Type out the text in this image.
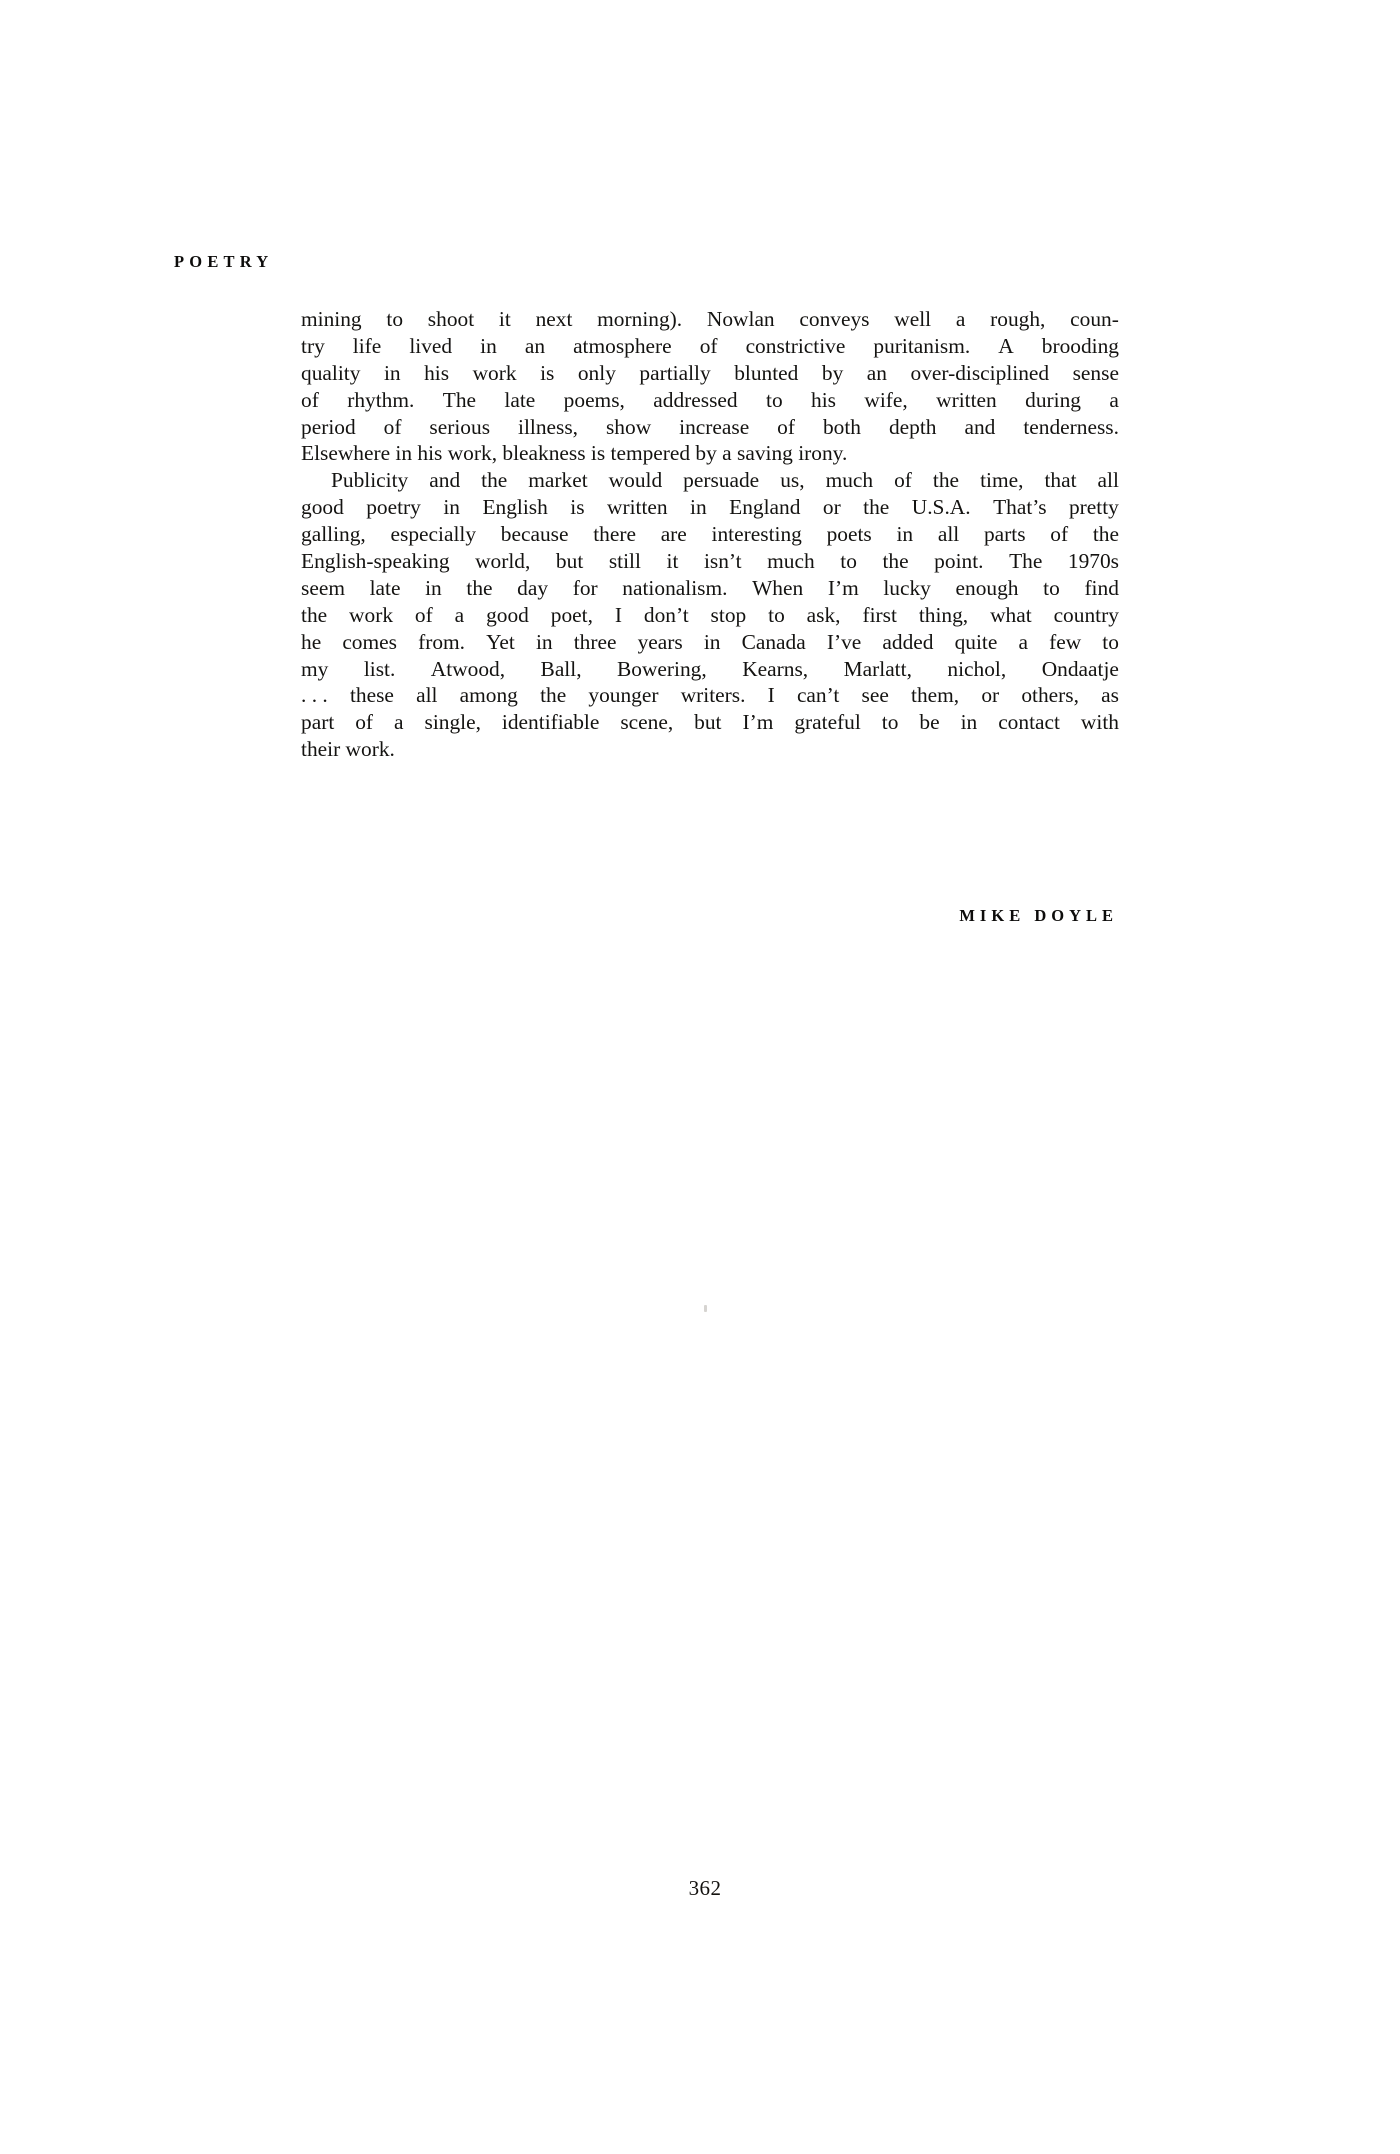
POETRY
mining to shoot it next morning). Nowlan conveys well a rough, coun-
try life lived in an atmosphere of constrictive puritanism. A brooding
quality in his work is only partially blunted by an over-disciplined sense
of rhythm. The late poems, addressed to his wife, written during a
period of serious illness, show increase of both depth and tenderness.
Elsewhere in his work, bleakness is tempered by a saving irony.
Publicity and the market would persuade us, much of the time, that all
good poetry in English is written in England or the U.S.A. That’s pretty
galling, especially because there are interesting poets in all parts of the
English-speaking world, but still it isn’t much to the point. The 1970s
seem late in the day for nationalism. When I’m lucky enough to find
the work of a good poet, I don’t stop to ask, first thing, what country
he comes from. Yet in three years in Canada I’ve added quite a few to
my list. Atwood, Ball, Bowering, Kearns, Marlatt, nichol, Ondaatje
. . . these all among the younger writers. I can’t see them, or others, as
part of a single, identifiable scene, but I’m grateful to be in contact with
their work.
MIKE DOYLE
362
